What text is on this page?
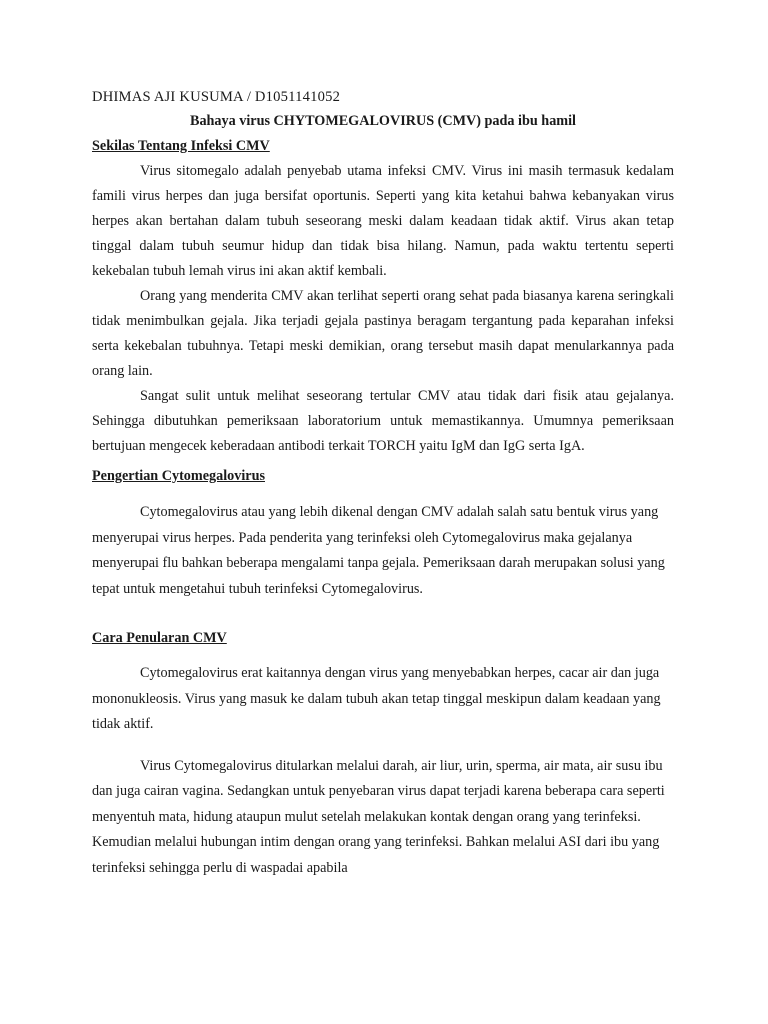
DHIMAS AJI KUSUMA / D1051141052

Bahaya virus CHYTOMEGALOVIRUS (CMV) pada ibu hamil

Sekilas Tentang Infeksi CMV

Virus sitomegalo adalah penyebab utama infeksi CMV. Virus ini masih termasuk kedalam famili virus herpes dan juga bersifat oportunis. Seperti yang kita ketahui bahwa kebanyakan virus herpes akan bertahan dalam tubuh seseorang meski dalam keadaan tidak aktif. Virus akan tetap tinggal dalam tubuh seumur hidup dan tidak bisa hilang. Namun, pada waktu tertentu seperti kekebalan tubuh lemah virus ini akan aktif kembali.

Orang yang menderita CMV akan terlihat seperti orang sehat pada biasanya karena seringkali tidak menimbulkan gejala. Jika terjadi gejala pastinya beragam tergantung pada keparahan infeksi serta kekebalan tubuhnya. Tetapi meski demikian, orang tersebut masih dapat menularkannya pada orang lain.

Sangat sulit untuk melihat seseorang tertular CMV atau tidak dari fisik atau gejalanya. Sehingga dibutuhkan pemeriksaan laboratorium untuk memastikannya. Umumnya pemeriksaan bertujuan mengecek keberadaan antibodi terkait TORCH yaitu IgM dan IgG serta IgA.

Pengertian Cytomegalovirus

Cytomegalovirus atau yang lebih dikenal dengan CMV adalah salah satu bentuk virus yang menyerupai virus herpes. Pada penderita yang terinfeksi oleh Cytomegalovirus maka gejalanya menyerupai flu bahkan beberapa mengalami tanpa gejala. Pemeriksaan darah merupakan solusi yang tepat untuk mengetahui tubuh terinfeksi Cytomegalovirus.

Cara Penularan CMV

Cytomegalovirus erat kaitannya dengan virus yang menyebabkan herpes, cacar air dan juga mononukleosis. Virus yang masuk ke dalam tubuh akan tetap tinggal meskipun dalam keadaan yang tidak aktif.

Virus Cytomegalovirus ditularkan melalui darah, air liur, urin, sperma, air mata, air susu ibu dan juga cairan vagina. Sedangkan untuk penyebaran virus dapat terjadi karena beberapa cara seperti menyentuh mata, hidung ataupun mulut setelah melakukan kontak dengan orang yang terinfeksi. Kemudian melalui hubungan intim dengan orang yang terinfeksi. Bahkan melalui ASI dari ibu yang terinfeksi sehingga perlu di waspadai apabila
